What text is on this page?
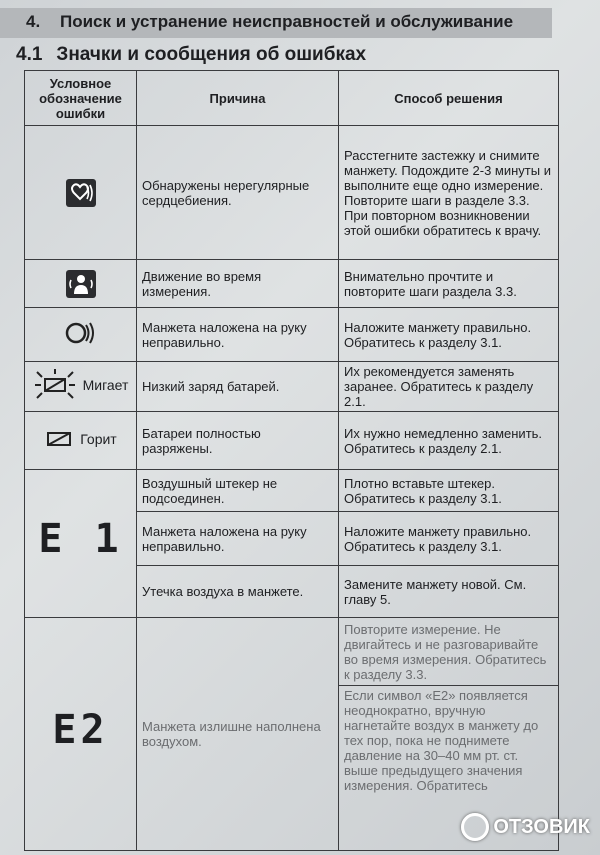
4. Поиск и устранение неисправностей и обслуживание
4.1 Значки и сообщения об ошибках
Условное обозначение ошибки	Причина	Способ решения
	Обнаружены нерегулярные сердцебиения.	Расстегните застежку и снимите манжету. Подождите 2-3 минуты и выполните еще одно измерение. Повторите шаги в разделе 3.3. При повторном возникновении этой ошибки обратитесь к врачу.
	Движение во время измерения.	Внимательно прочтите и повторите шаги раздела 3.3.
	Манжета наложена на руку неправильно.	Наложите манжету правильно. Обратитесь к разделу 3.1.

Мигает	Низкий заряд батарей.	Их рекомендуется заменять заранее. Обратитесь к разделу 2.1.

Горит	Батареи полностью разряжены.	Их нужно немедленно заменить. Обратитесь к разделу 2.1.
E 1	Воздушный штекер не подсоединен.	Плотно вставьте штекер. Обратитесь к разделу 3.1.
	Манжета наложена на руку неправильно.	Наложите манжету правильно. Обратитесь к разделу 3.1.
	Утечка воздуха в манжете.	Замените манжету новой. См. главу 5.
E2	Манжета излишне наполнена воздухом.	Повторите измерение. Не двигайтесь и не разговаривайте во время измерения. Обратитесь к разделу 3.3.
		Если символ «E2» появляется неоднократно, вручную нагнетайте воздух в манжету до тех пор, пока не поднимете давление на 30–40 мм рт. ст. выше предыдущего значения измерения. Обратитесь
ОТЗОВИК
